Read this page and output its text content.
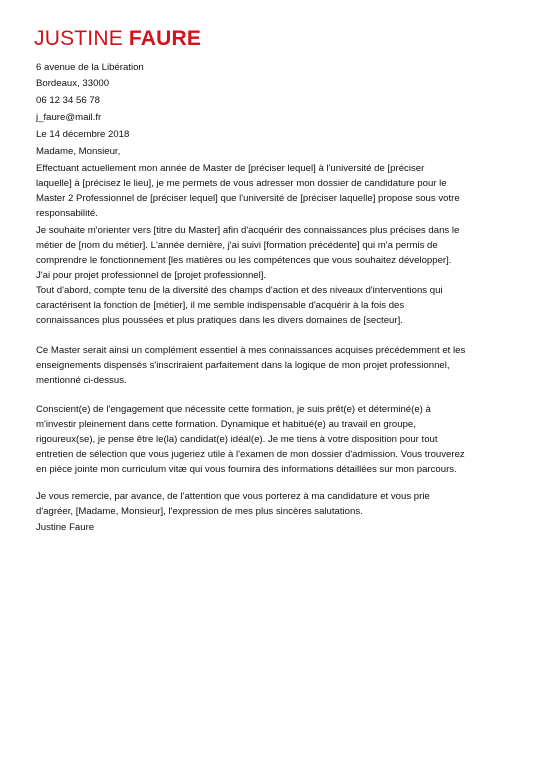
JUSTINE FAURE
6 avenue de la Libération
Bordeaux, 33000
06 12 34 56 78
j_faure@mail.fr
Le 14 décembre 2018
Madame, Monsieur,
Effectuant actuellement mon année de Master de [préciser lequel] à l'université de [préciser
laquelle] à [précisez le lieu], je me permets de vous adresser mon dossier de candidature pour le
Master 2 Professionnel de [préciser lequel] que l'université de [préciser laquelle] propose sous votre
responsabilité.
Je souhaite m'orienter vers [titre du Master] afin d'acquérir des connaissances plus précises dans le
métier de [nom du métier]. L'année dernière, j'ai suivi [formation précédente] qui m'a permis de
comprendre le fonctionnement [les matières ou les compétences que vous souhaitez développer].
J'ai pour projet professionnel de [projet professionnel].
Tout d'abord, compte tenu de la diversité des champs d'action et des niveaux d'interventions qui
caractérisent la fonction de [métier], il me semble indispensable d'acquérir à la fois des
connaissances plus poussées et plus pratiques dans les divers domaines de [secteur].
Ce Master serait ainsi un complément essentiel à mes connaissances acquises précédemment et les
enseignements dispensés s'inscriraient parfaitement dans la logique de mon projet professionnel,
mentionné ci-dessus.
Conscient(e) de l'engagement que nécessite cette formation, je suis prêt(e) et déterminé(e) à
m'investir pleinement dans cette formation. Dynamique et habitué(e) au travail en groupe,
rigoureux(se), je pense être le(la) candidat(e) idéal(e). Je me tiens à votre disposition pour tout
entretien de sélection que vous jugeriez utile à l'examen de mon dossier d'admission. Vous trouverez
en pièce jointe mon curriculum vitæ qui vous fournira des informations détaillées sur mon parcours.
Je vous remercie, par avance, de l'attention que vous porterez à ma candidature et vous prie
d'agréer, [Madame, Monsieur], l'expression de mes plus sincères salutations.
Justine Faure
